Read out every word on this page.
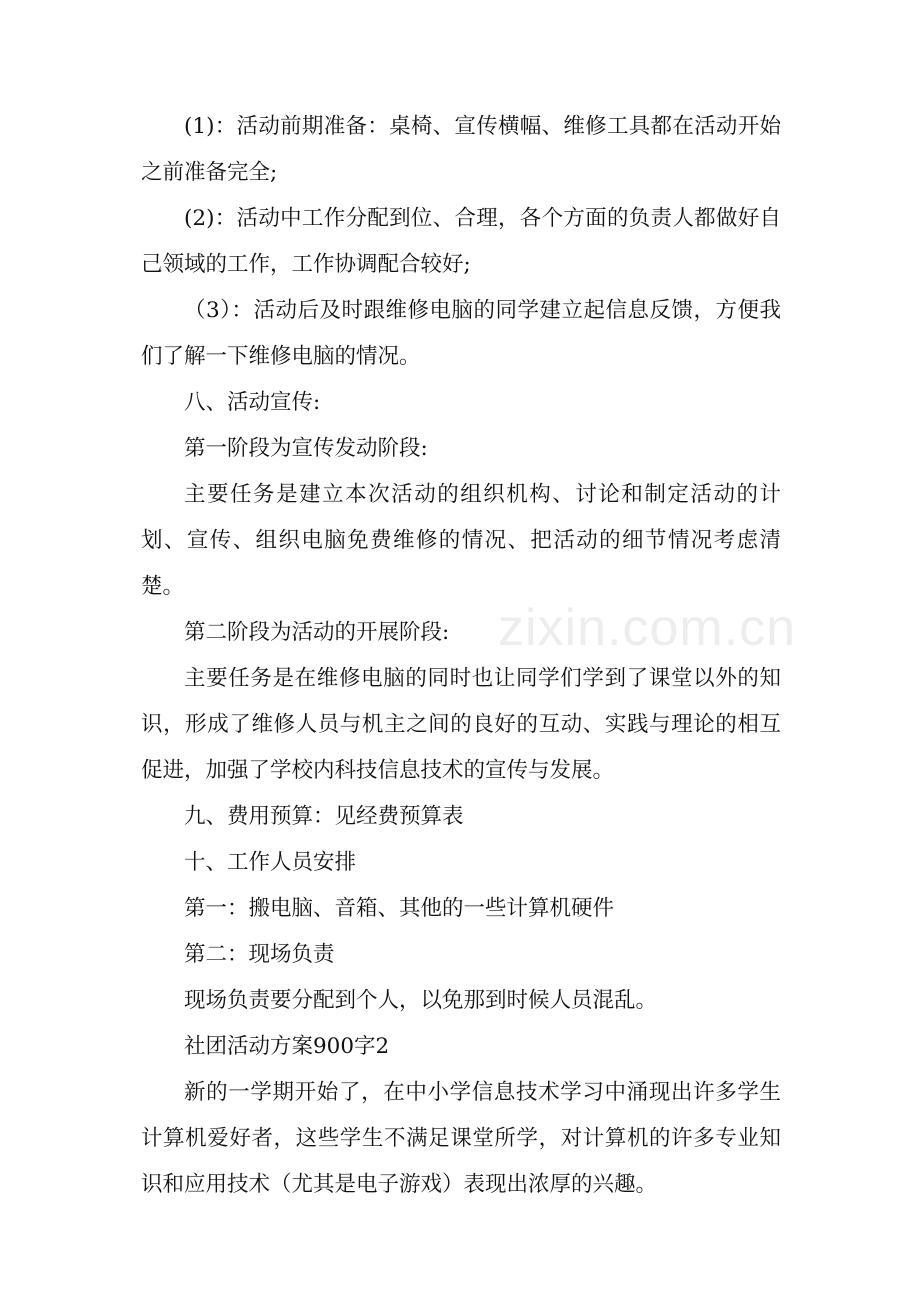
(1)：活动前期准备：桌椅、宣传横幅、维修工具都在活动开始之前准备完全;

(2)：活动中工作分配到位、合理，各个方面的负责人都做好自己领域的工作，工作协调配合较好;

（3）：活动后及时跟维修电脑的同学建立起信息反馈，方便我们了解一下维修电脑的情况。

八、活动宣传:

第一阶段为宣传发动阶段:

主要任务是建立本次活动的组织机构、讨论和制定活动的计划、宣传、组织电脑免费维修的情况、把活动的细节情况考虑清楚。

第二阶段为活动的开展阶段:

主要任务是在维修电脑的同时也让同学们学到了课堂以外的知识，形成了维修人员与机主之间的良好的互动、实践与理论的相互促进，加强了学校内科技信息技术的宣传与发展。

九、费用预算：见经费预算表

十、工作人员安排

第一：搬电脑、音箱、其他的一些计算机硬件

第二：现场负责

现场负责要分配到个人，以免那到时候人员混乱。

社团活动方案900字2

新的一学期开始了，在中小学信息技术学习中涌现出许多学生计算机爱好者，这些学生不满足课堂所学，对计算机的许多专业知识和应用技术（尤其是电子游戏）表现出浓厚的兴趣。

zixin.com.cn
